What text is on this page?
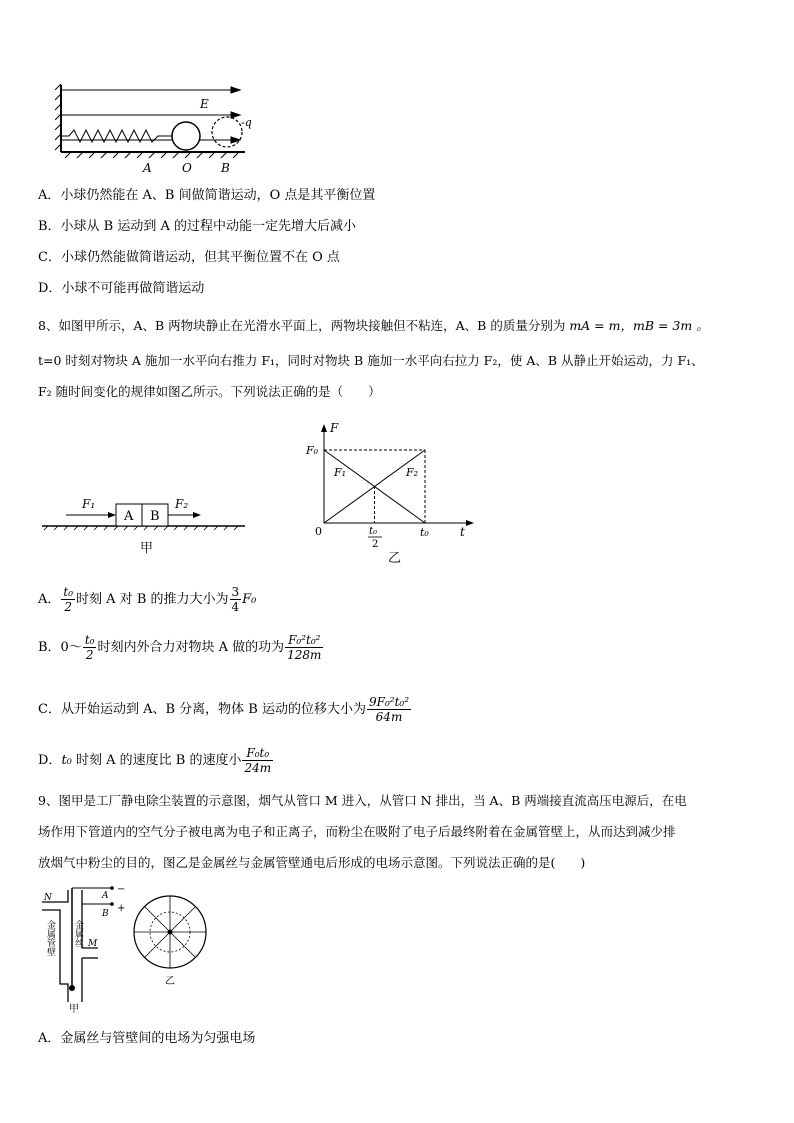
E
-q
A	O B
A．小球仍然能在 A、B 间做简谐运动，O 点是其平衡位置
B．小球从 B 运动到 A 的过程中动能一定先增大后减小
C．小球仍然能做简谐运动，但其平衡位置不在 O 点
D．小球不可能再做简谐运动
8、如图甲所示，A、B 两物块静止在光滑水平面上，两物块接触但不粘连，A、B 的质量分别为 mA = m，mB = 3m 。
t=0 时刻对物块 A 施加一水平向右推力 F₁，同时对物块 B 施加一水平向右拉力 F₂，使 A、B 从静止开始运动，力 F₁、
F₂ 随时间变化的规律如图乙所示。下列说法正确的是（　　）
A B
F₁	F₂
甲
F
F₀
F₁	F₂
0	t₀
2
t₀	t
乙
A． $\frac{\text{t₀}}{2}$ 时刻 A 对 B 的推力大小为 $\frac{3}{4} F_0$
B．0～ $\frac{\text{t₀}}{2}$ 时刻内外合力对物块 A 做的功为 $\frac{\text{F₀²t₀²}}{128m}$
C．从开始运动到 A、B 分离，物体 B 运动的位移大小为 $\frac{\text{9F₀²t₀²}}{64m}$
D．t₀ 时刻 A 的速度比 B 的速度小 $\frac{\text{F₀t₀}}{24m}$
9、图甲是工厂静电除尘装置的示意图，烟气从管口 M 进入，从管口 N 排出，当 A、B 两端接直流高压电源后，在电
场作用下管道内的空气分子被电离为电子和正离子，而粉尘在吸附了电子后最终附着在金属管壁上，从而达到减少排
放烟气中粉尘的目的，图乙是金属丝与金属管壁通电后形成的电场示意图。下列说法正确的是(　　)
N
M
A
B
−
+
金属丝
金属管壁
甲
乙
A．金属丝与管壁间的电场为匀强电场
